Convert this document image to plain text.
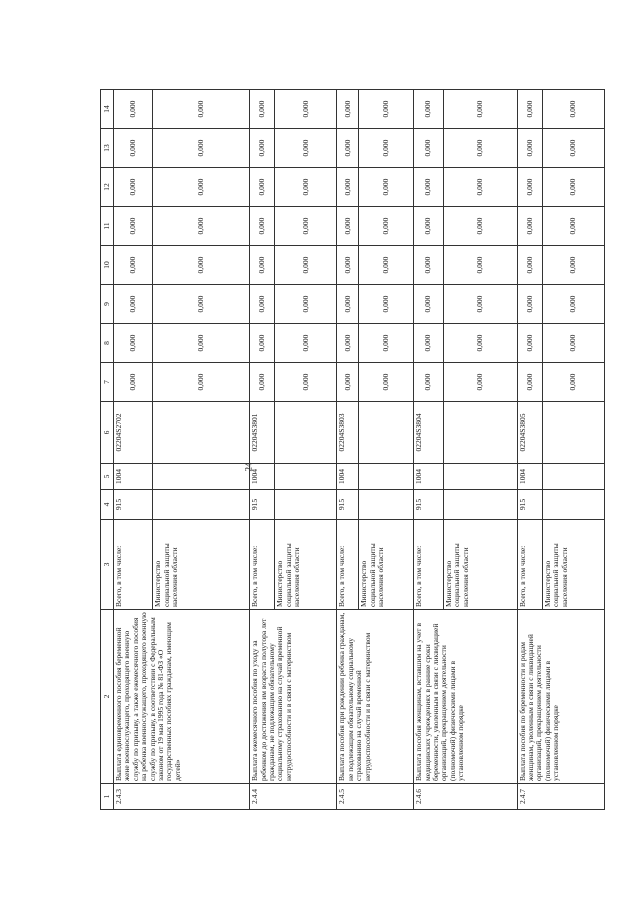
24
1	2	3	4	5	6	7	8	9	10	11	12	13	14
2.4.3	Выплата единовременного пособия беременной жене военнослужащего, проходящего военную службу по призыву, а также ежемесячного пособия на ребенка военнослужащего, проходящего военную службу по призыву, в соответствии с Федеральным законом от 19 мая 1995 года № 81-ФЗ «О государственных пособиях гражданам, имеющим детей»	Всего, в том числе:	915	1004	02204S2702	0,000	0,000	0,000	0,000	0,000	0,000	0,000	0,000
		Министерство социальной защиты населения области				0,000	0,000	0,000	0,000	0,000	0,000	0,000	0,000
2.4.4	Выплата ежемесячного пособия по уходу за ребенком до достижения им возраста полутора лет гражданам, не подлежащим обязательному социальному страхованию на случай временной нетрудоспособности и в связи с материнством	Всего, в том числе:	915	1004	02204S3801	0,000	0,000	0,000	0,000	0,000	0,000	0,000	0,000
		Министерство социальной защиты населения области				0,000	0,000	0,000	0,000	0,000	0,000	0,000	0,000
2.4.5	Выплата пособия при рождении ребенка гражданам, не подлежащим обязательному социальному страхованию на случай временной нетрудоспособности и в связи с материнством	Всего, в том числе:	915	1004	02204S3803	0,000	0,000	0,000	0,000	0,000	0,000	0,000	0,000
		Министерство социальной защиты населения области				0,000	0,000	0,000	0,000	0,000	0,000	0,000	0,000
2.4.6	Выплата пособия женщинам, вставшим на учет в медицинских учреждениях в ранние сроки беременности, уволенным в связи с ликвидацией организаций, прекращением деятельности (полномочий) физическими лицами в установленном порядке	Всего, в том числе:	915	1004	02204S3804	0,000	0,000	0,000	0,000	0,000	0,000	0,000	0,000
		Министерство социальной защиты населения области				0,000	0,000	0,000	0,000	0,000	0,000	0,000	0,000
2.4.7	Выплата пособия по беременности и родам женщинам, уволенным в связи с ликвидацией организаций, прекращением деятельности (полномочий) физическими лицами в установленном порядке	Всего, в том числе:	915	1004	02204S3805	0,000	0,000	0,000	0,000	0,000	0,000	0,000	0,000
		Министерство социальной защиты населения области				0,000	0,000	0,000	0,000	0,000	0,000	0,000	0,000
